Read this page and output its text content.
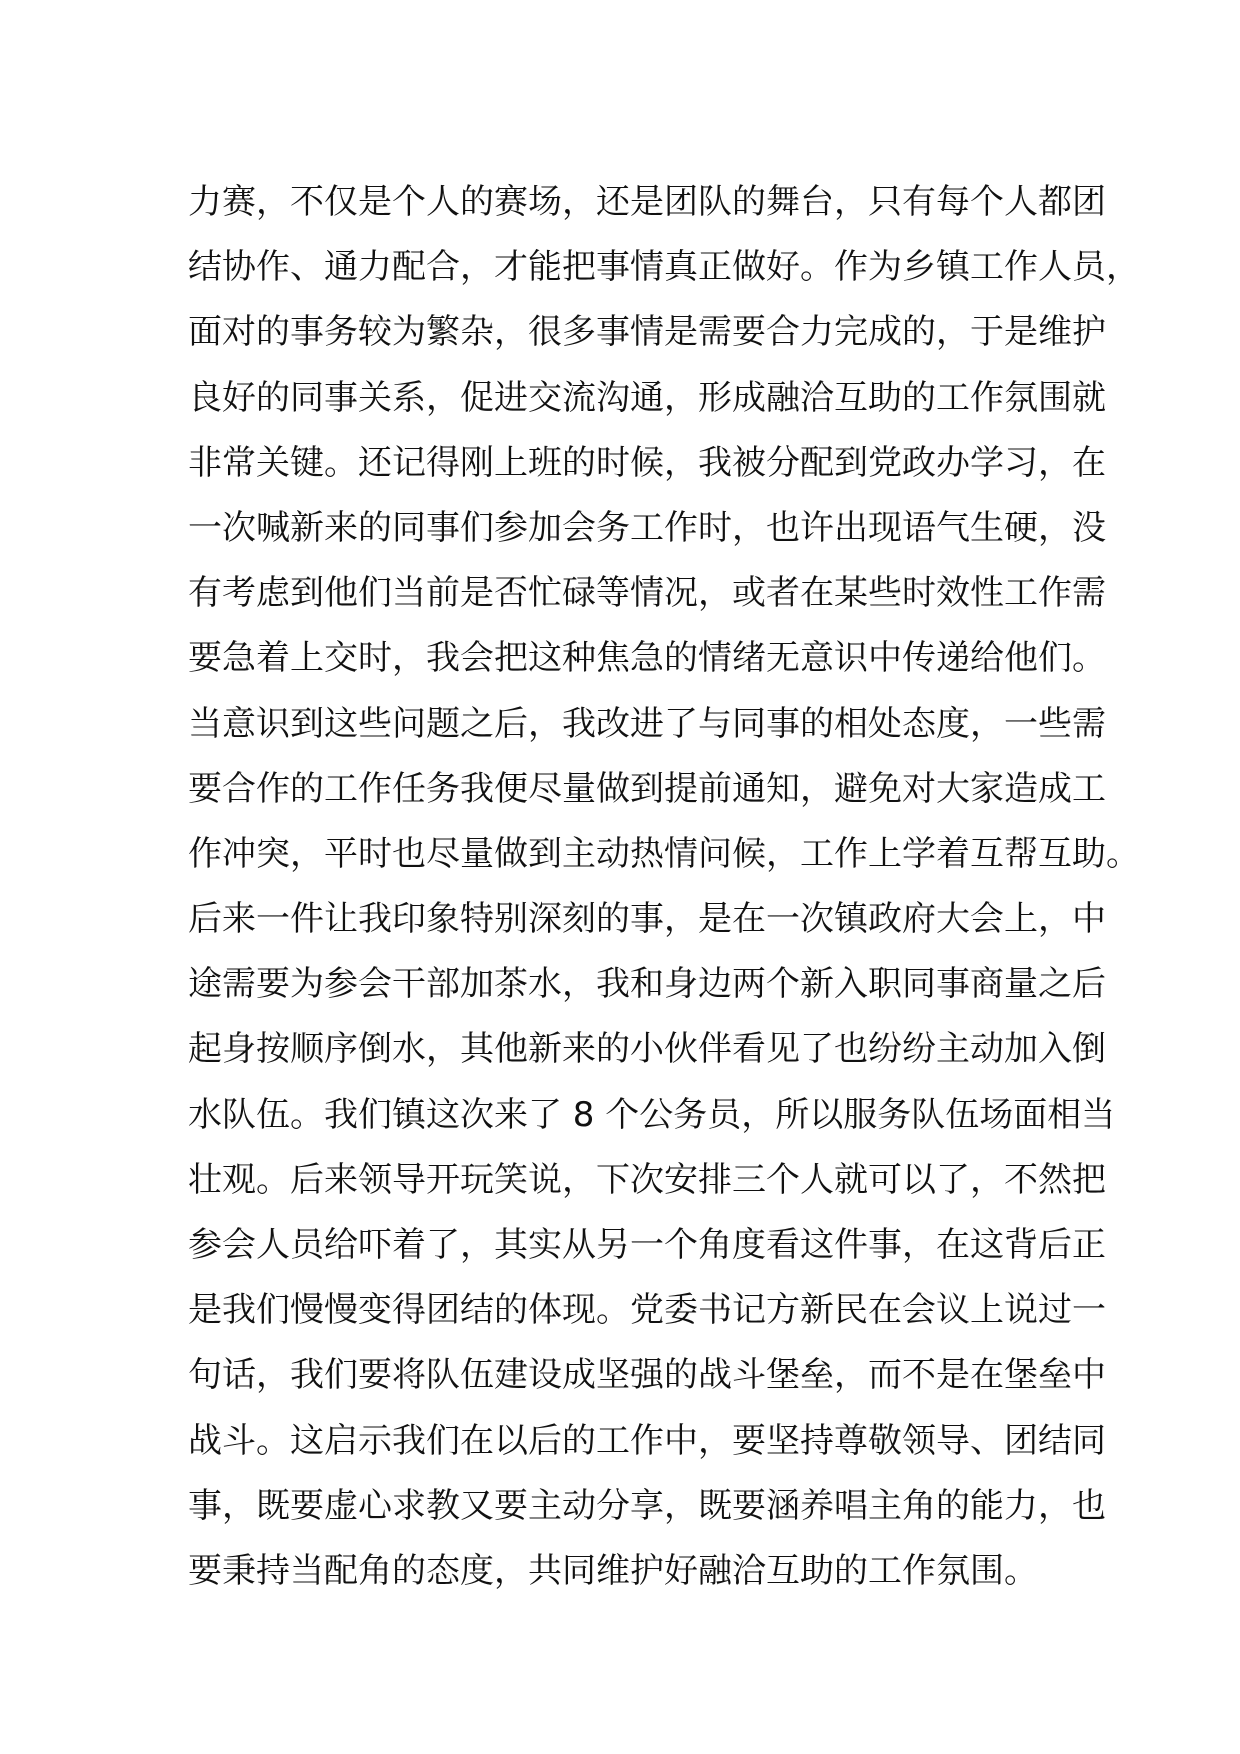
力赛，不仅是个人的赛场，还是团队的舞台，只有每个人都团
结协作、通力配合，才能把事情真正做好。作为乡镇工作人员，
面对的事务较为繁杂，很多事情是需要合力完成的，于是维护
良好的同事关系，促进交流沟通，形成融洽互助的工作氛围就
非常关键。还记得刚上班的时候，我被分配到党政办学习，在
一次喊新来的同事们参加会务工作时，也许出现语气生硬，没
有考虑到他们当前是否忙碌等情况，或者在某些时效性工作需
要急着上交时，我会把这种焦急的情绪无意识中传递给他们。
当意识到这些问题之后，我改进了与同事的相处态度，一些需
要合作的工作任务我便尽量做到提前通知，避免对大家造成工
作冲突，平时也尽量做到主动热情问候，工作上学着互帮互助。
后来一件让我印象特别深刻的事，是在一次镇政府大会上，中
途需要为参会干部加茶水，我和身边两个新入职同事商量之后
起身按顺序倒水，其他新来的小伙伴看见了也纷纷主动加入倒
水队伍。我们镇这次来了 8 个公务员，所以服务队伍场面相当
壮观。后来领导开玩笑说，下次安排三个人就可以了，不然把
参会人员给吓着了，其实从另一个角度看这件事，在这背后正
是我们慢慢变得团结的体现。党委书记方新民在会议上说过一
句话，我们要将队伍建设成坚强的战斗堡垒，而不是在堡垒中
战斗。这启示我们在以后的工作中，要坚持尊敬领导、团结同
事，既要虚心求教又要主动分享，既要涵养唱主角的能力，也
要秉持当配角的态度，共同维护好融洽互助的工作氛围。
